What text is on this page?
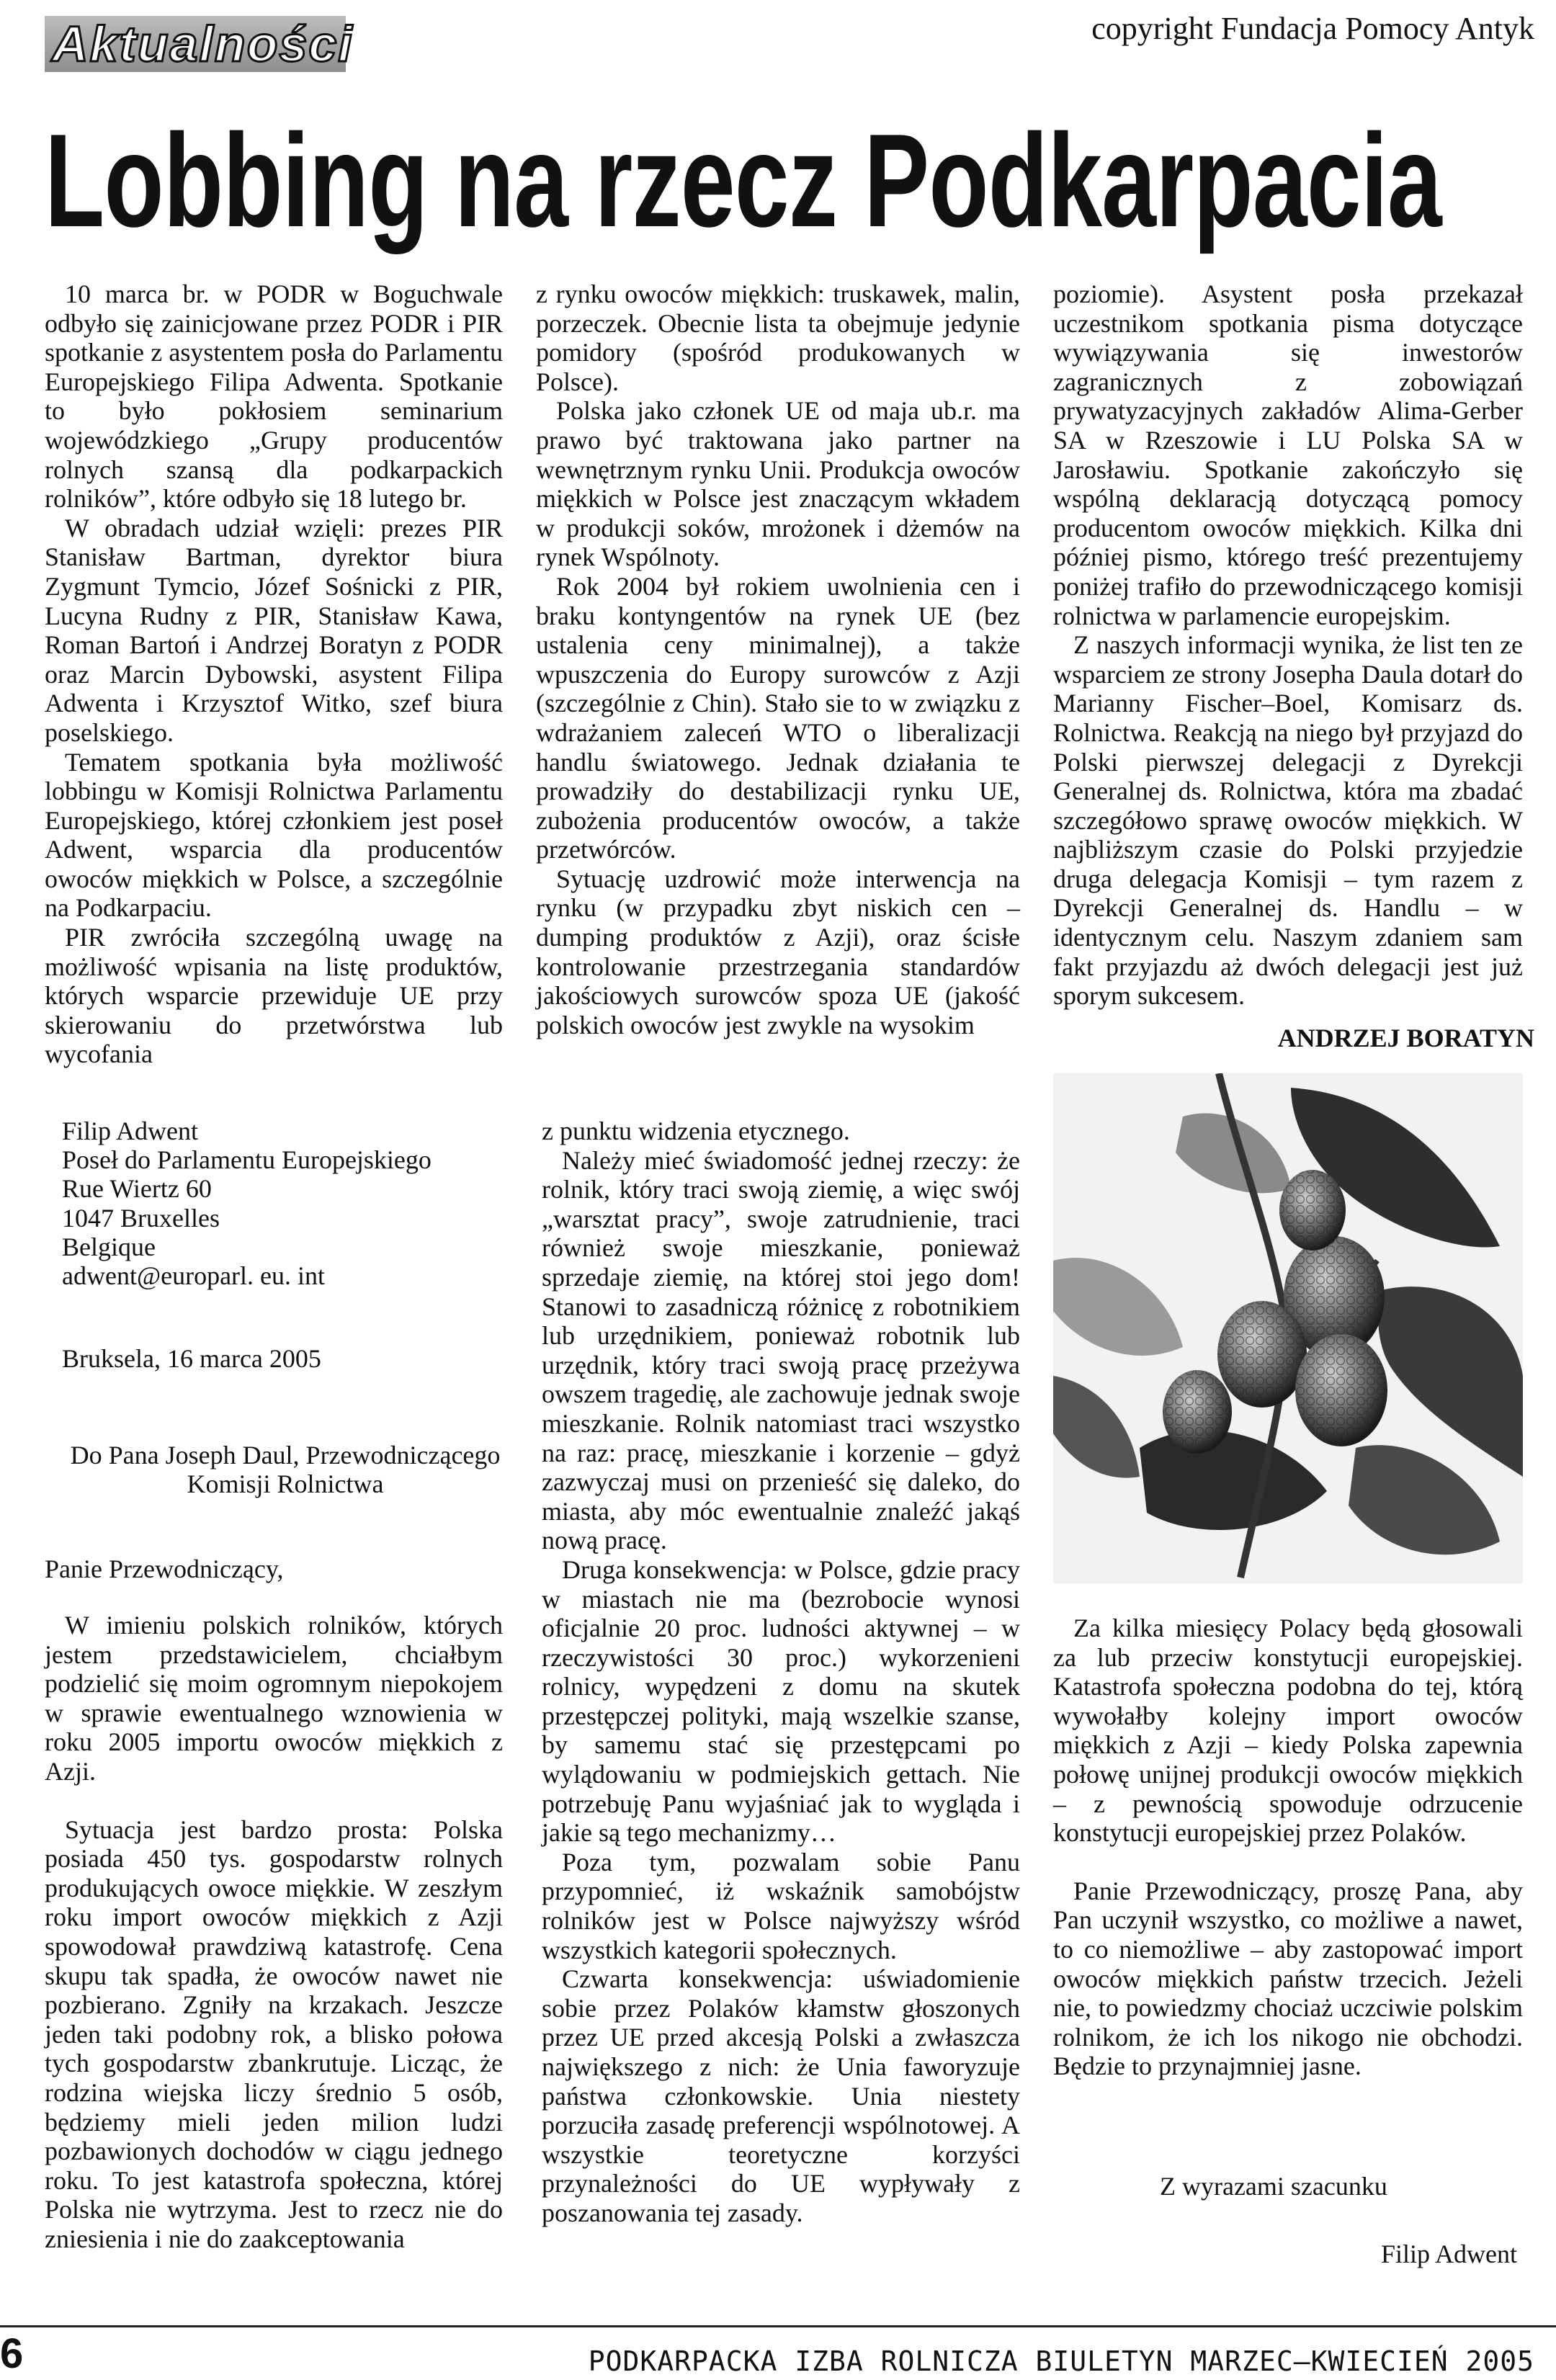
Aktualności	copyright Fundacja Pomocy Antyk
Lobbing na rzecz Podkarpacia

10 marca br. w PODR w Boguchwale odbyło się zainicjowane przez PODR i PIR spotkanie z asystentem posła do Parlamentu Europejskiego Filipa Adwenta. Spotkanie to było pokłosiem seminarium wojewódzkiego „Grupy producentów rolnych szansą dla podkarpackich rolników”, które odbyło się 18 lutego br.

W obradach udział wzięli: prezes PIR Stanisław Bartman, dyrektor biura Zygmunt Tymcio, Józef Sośnicki z PIR, Lucyna Rudny z PIR, Stanisław Kawa, Roman Bartoń i Andrzej Boratyn z PODR oraz Marcin Dybowski, asystent Filipa Adwenta i Krzysztof Witko, szef biura poselskiego.

Tematem spotkania była możliwość lobbingu w Komisji Rolnictwa Parlamentu Europejskiego, której członkiem jest poseł Adwent, wsparcia dla producentów owoców miękkich w Polsce, a szczególnie na Podkarpaciu.

PIR zwróciła szczególną uwagę na możliwość wpisania na listę produktów, których wsparcie przewiduje UE przy skierowaniu do przetwórstwa lub wycofania

z rynku owoców miękkich: truskawek, malin, porzeczek. Obecnie lista ta obejmuje jedynie pomidory (spośród produkowanych w Polsce).

Polska jako członek UE od maja ub.r. ma prawo być traktowana jako partner na wewnętrznym rynku Unii. Produkcja owoców miękkich w Polsce jest znaczącym wkładem w produkcji soków, mrożonek i dżemów na rynek Wspólnoty.

Rok 2004 był rokiem uwolnienia cen i braku kontyngentów na rynek UE (bez ustalenia ceny minimalnej), a także wpuszczenia do Europy surowców z Azji (szczególnie z Chin). Stało sie to w związku z wdrażaniem zaleceń WTO o liberalizacji handlu światowego. Jednak działania te prowadziły do destabilizacji rynku UE, zubożenia producentów owoców, a także przetwórców.

Sytuację uzdrowić może interwencja na rynku (w przypadku zbyt niskich cen – dumping produktów z Azji), oraz ścisłe kontrolowanie przestrzegania standardów jakościowych surowców spoza UE (jakość polskich owoców jest zwykle na wysokim

poziomie). Asystent posła przekazał uczestnikom spotkania pisma dotyczące wywiązywania się inwestorów zagranicznych z zobowiązań prywatyzacyjnych zakładów Alima-Gerber SA w Rzeszowie i LU Polska SA w Jarosławiu. Spotkanie zakończyło się wspólną deklaracją dotyczącą pomocy producentom owoców miękkich. Kilka dni później pismo, którego treść prezentujemy poniżej trafiło do przewodniczącego komisji rolnictwa w parlamencie europejskim.

Z naszych informacji wynika, że list ten ze wsparciem ze strony Josepha Daula dotarł do Marianny Fischer–Boel, Komisarz ds. Rolnictwa. Reakcją na niego był przyjazd do Polski pierwszej delegacji z Dyrekcji Generalnej ds. Rolnictwa, która ma zbadać szczegółowo sprawę owoców miękkich. W najbliższym czasie do Polski przyjedzie druga delegacja Komisji – tym razem z Dyrekcji Generalnej ds. Handlu – w identycznym celu. Naszym zdaniem sam fakt przyjazdu aż dwóch delegacji jest już sporym sukcesem.

ANDRZEJ BORATYN
Filip Adwent
Poseł do Parlamentu Europejskiego
Rue Wiertz 60
1047 Bruxelles
Belgique
adwent@europarl. eu. int
Bruksela, 16 marca 2005
Do Pana Joseph Daul, Przewodniczącego Komisji Rolnictwa
Panie Przewodniczący,

W imieniu polskich rolników, których jestem przedstawicielem, chciałbym podzielić się moim ogromnym niepokojem w sprawie ewentualnego wznowienia w roku 2005 importu owoców miękkich z Azji.

Sytuacja jest bardzo prosta: Polska posiada 450 tys. gospodarstw rolnych produkujących owoce miękkie. W zeszłym roku import owoców miękkich z Azji spowodował prawdziwą katastrofę. Cena skupu tak spadła, że owoców nawet nie pozbierano. Zgniły na krzakach. Jeszcze jeden taki podobny rok, a blisko połowa tych gospodarstw zbankrutuje. Licząc, że rodzina wiejska liczy średnio 5 osób, będziemy mieli jeden milion ludzi pozbawionych dochodów w ciągu jednego roku. To jest katastrofa społeczna, której Polska nie wytrzyma. Jest to rzecz nie do zniesienia i nie do zaakceptowania

z punktu widzenia etycznego.

Należy mieć świadomość jednej rzeczy: że rolnik, który traci swoją ziemię, a więc swój „warsztat pracy”, swoje zatrudnienie, traci również swoje mieszkanie, ponieważ sprzedaje ziemię, na której stoi jego dom! Stanowi to zasadniczą różnicę z robotnikiem lub urzędnikiem, ponieważ robotnik lub urzędnik, który traci swoją pracę przeżywa owszem tragedię, ale zachowuje jednak swoje mieszkanie. Rolnik natomiast traci wszystko na raz: pracę, mieszkanie i korzenie – gdyż zazwyczaj musi on przenieść się daleko, do miasta, aby móc ewentualnie znaleźć jakąś nową pracę.

Druga konsekwencja: w Polsce, gdzie pracy w miastach nie ma (bezrobocie wynosi oficjalnie 20 proc. ludności aktywnej – w rzeczywistości 30 proc.) wykorzenieni rolnicy, wypędzeni z domu na skutek przestępczej polityki, mają wszelkie szanse, by samemu stać się przestępcami po wylądowaniu w podmiejskich gettach. Nie potrzebuję Panu wyjaśniać jak to wygląda i jakie są tego mechanizmy…

Poza tym, pozwalam sobie Panu przypomnieć, iż wskaźnik samobójstw rolników jest w Polsce najwyższy wśród wszystkich kategorii społecznych.

Czwarta konsekwencja: uświadomienie sobie przez Polaków kłamstw głoszonych przez UE przed akcesją Polski a zwłaszcza największego z nich: że Unia faworyzuje państwa członkowskie. Unia niestety porzuciła zasadę preferencji wspólnotowej. A wszystkie teoretyczne korzyści przynależności do UE wypływały z poszanowania tej zasady.

Za kilka miesięcy Polacy będą głosowali za lub przeciw konstytucji europejskiej. Katastrofa społeczna podobna do tej, którą wywołałby kolejny import owoców miękkich z Azji – kiedy Polska zapewnia połowę unijnej produkcji owoców miękkich – z pewnością spowoduje odrzucenie konstytucji europejskiej przez Polaków.

Panie Przewodniczący, proszę Pana, aby Pan uczynił wszystko, co możliwe a nawet, to co niemożliwe – aby zastopować import owoców miękkich państw trzecich. Jeżeli nie, to powiedzmy chociaż uczciwie polskim rolnikom, że ich los nikogo nie obchodzi. Będzie to przynajmniej jasne.

Z wyrazami szacunku
Filip Adwent
6	PODKARPACKA IZBA ROLNICZA BIULETYN MARZEC–KWIECIEŃ 2005
